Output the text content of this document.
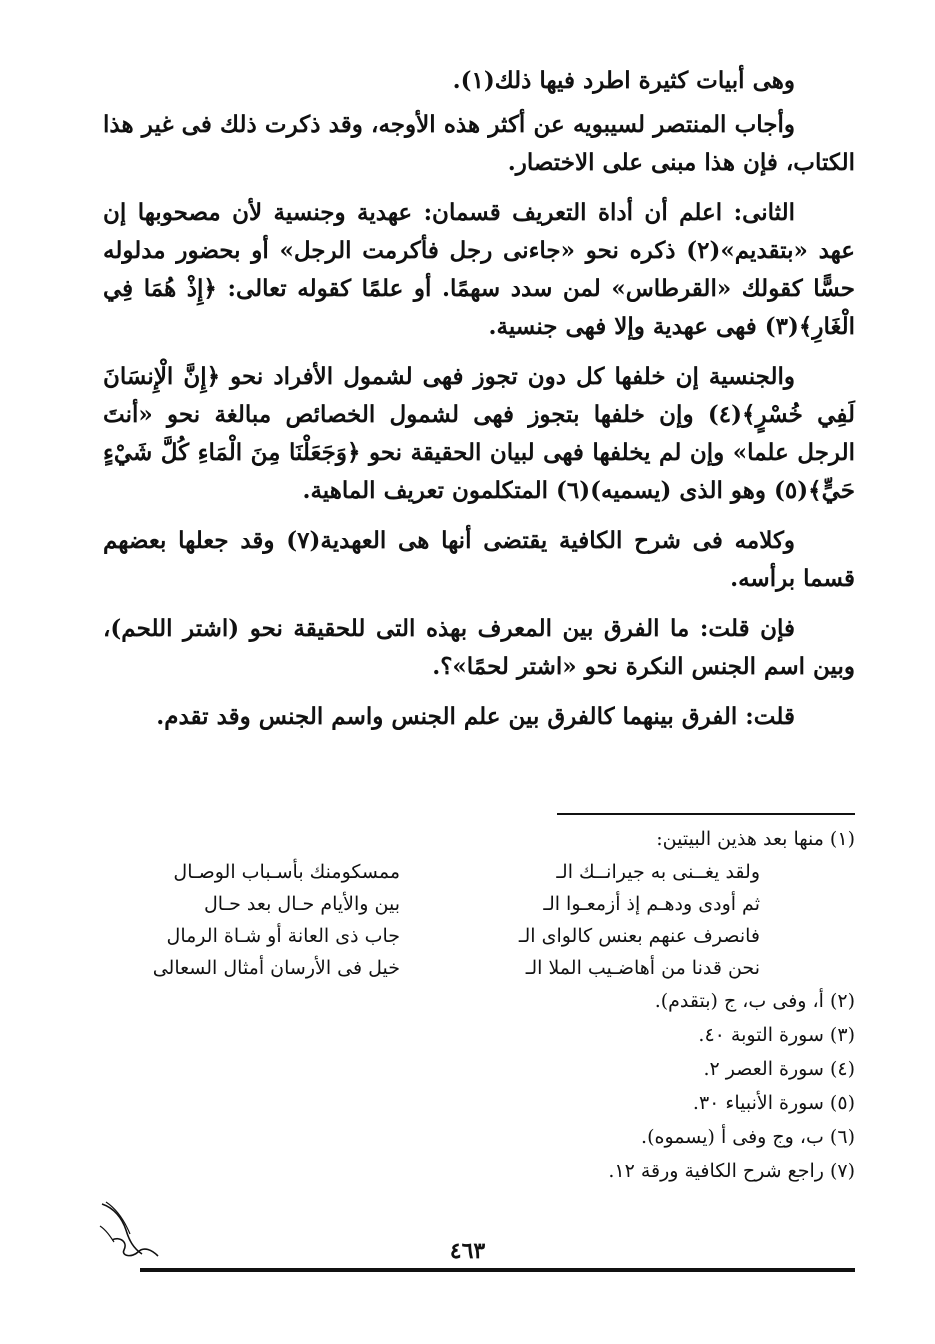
وهى أبيات كثيرة اطرد فيها ذلك(١).

وأجاب المنتصر لسيبويه عن أكثر هذه الأوجه، وقد ذكرت ذلك فى غير هذا الكتاب، فإن هذا مبنى على الاختصار.

الثانى: اعلم أن أداة التعريف قسمان: عهدية وجنسية لأن مصحوبها إن عهد «بتقديم»(٢) ذكره نحو «جاءنى رجل فأكرمت الرجل» أو بحضور مدلوله حسًّا كقولك «القرطاس» لمن سدد سهمًا. أو علمًا كقوله تعالى: ﴿إِذْ هُمَا فِي الْغَارِ﴾(٣) فهى عهدية وإلا فهى جنسية.

والجنسية إن خلفها كل دون تجوز فهى لشمول الأفراد نحو ﴿إِنَّ الْإِنسَانَ لَفِي خُسْرٍ﴾(٤) وإن خلفها بتجوز فهى لشمول الخصائص مبالغة نحو «أنتَ الرجل علما» وإن لم يخلفها فهى لبيان الحقيقة نحو ﴿وَجَعَلْنَا مِنَ الْمَاءِ كُلَّ شَيْءٍ حَيٍّ﴾(٥) وهو الذى (يسميه)(٦) المتكلمون تعريف الماهية.

وكلامه فى شرح الكافية يقتضى أنها هى العهدية(٧) وقد جعلها بعضهم قسما برأسه.

فإن قلت: ما الفرق بين المعرف بهذه التى للحقيقة نحو (اشتر اللحم)، وبين اسم الجنس النكرة نحو «اشتر لحمًا»؟.

قلت: الفرق بينهما كالفرق بين علم الجنس واسم الجنس وقد تقدم.

(١) منها بعد هذين البيتين:

ولقد يغــنى به جيرانــك الـ
ممسكومنك بأسـباب الوصـال
ثم أودى ودهـم إذ أزمعـوا الـ
بين والأيام حـال بعد حـال
فانصرف عنهم بعنس كالواى الـ
جاب ذى العانة أو شـاة الرمال
نحن قدنا من أهاضـيب الملا الـ
خيل فى الأرسان أمثال السعالى

(٢) أ، وفى ب، ج (بتقدم).

(٣) سورة التوبة ٤٠.

(٤) سورة العصر ٢.

(٥) سورة الأنبياء ٣٠.

(٦) ب، وج وفى أ (يسموه).

(٧) راجع شرح الكافية ورقة ١٢.

٤٦٣
